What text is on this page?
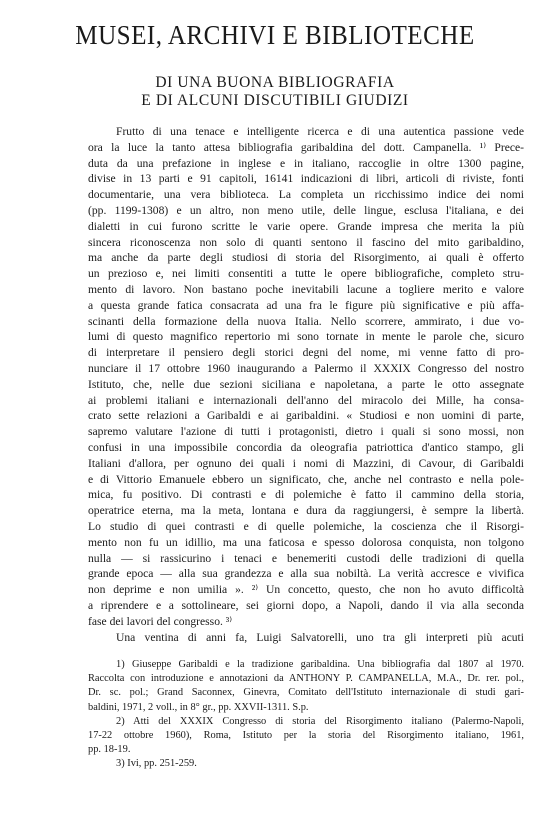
MUSEI, ARCHIVI E BIBLIOTECHE
DI UNA BUONA BIBLIOGRAFIA
E DI ALCUNI DISCUTIBILI GIUDIZI
Frutto di una tenace e intelligente ricerca e di una autentica passione vede
ora la luce la tanto attesa bibliografia garibaldina del dott. Campanella. ¹⁾ Prece-
duta da una prefazione in inglese e in italiano, raccoglie in oltre 1300 pagine,
divise in 13 parti e 91 capitoli, 16141 indicazioni di libri, articoli di riviste, fonti
documentarie, una vera biblioteca. La completa un ricchissimo indice dei nomi
(pp. 1199-1308) e un altro, non meno utile, delle lingue, esclusa l'italiana, e dei
dialetti in cui furono scritte le varie opere. Grande impresa che merita la più
sincera riconoscenza non solo di quanti sentono il fascino del mito garibaldino,
ma anche da parte degli studiosi di storia del Risorgimento, ai quali è offerto
un prezioso e, nei limiti consentiti a tutte le opere bibliografiche, completo stru-
mento di lavoro. Non bastano poche inevitabili lacune a togliere merito e valore
a questa grande fatica consacrata ad una fra le figure più significative e più affa-
scinanti della formazione della nuova Italia. Nello scorrere, ammirato, i due vo-
lumi di questo magnifico repertorio mi sono tornate in mente le parole che, sicuro
di interpretare il pensiero degli storici degni del nome, mi venne fatto di pro-
nunciare il 17 ottobre 1960 inaugurando a Palermo il XXXIX Congresso del nostro
Istituto, che, nelle due sezioni siciliana e napoletana, a parte le otto assegnate
ai problemi italiani e internazionali dell'anno del miracolo dei Mille, ha consa-
crato sette relazioni a Garibaldi e ai garibaldini. « Studiosi e non uomini di parte,
sapremo valutare l'azione di tutti i protagonisti, dietro i quali si sono mossi, non
confusi in una impossibile concordia da oleografia patriottica d'antico stampo, gli
Italiani d'allora, per ognuno dei quali i nomi di Mazzini, di Cavour, di Garibaldi
e di Vittorio Emanuele ebbero un significato, che, anche nel contrasto e nella pole-
mica, fu positivo. Di contrasti e di polemiche è fatto il cammino della storia,
operatrice eterna, ma la meta, lontana e dura da raggiungersi, è sempre la libertà.
Lo studio di quei contrasti e di quelle polemiche, la coscienza che il Risorgi-
mento non fu un idillio, ma una faticosa e spesso dolorosa conquista, non tolgono
nulla — si rassicurino i tenaci e benemeriti custodi delle tradizioni di quella
grande epoca — alla sua grandezza e alla sua nobiltà. La verità accresce e vivifica
non deprime e non umilia ». ²⁾ Un concetto, questo, che non ho avuto difficoltà
a riprendere e a sottolineare, sei giorni dopo, a Napoli, dando il via alla seconda
fase dei lavori del congresso. ³⁾
Una ventina di anni fa, Luigi Salvatorelli, uno tra gli interpreti più acuti
1) Giuseppe Garibaldi e la tradizione garibaldina. Una bibliografia dal 1807 al 1970.
Raccolta con introduzione e annotazioni da ANTHONY P. CAMPANELLA, M.A., Dr. rer. pol.,
Dr. sc. pol.; Grand Saconnex, Ginevra, Comitato dell'Istituto internazionale di studi gari-
baldini, 1971, 2 voll., in 8° gr., pp. XXVII-1311. S.p.
2) Atti del XXXIX Congresso di storia del Risorgimento italiano (Palermo-Napoli,
17-22 ottobre 1960), Roma, Istituto per la storia del Risorgimento italiano, 1961,
pp. 18-19.
3) Ivi, pp. 251-259.
